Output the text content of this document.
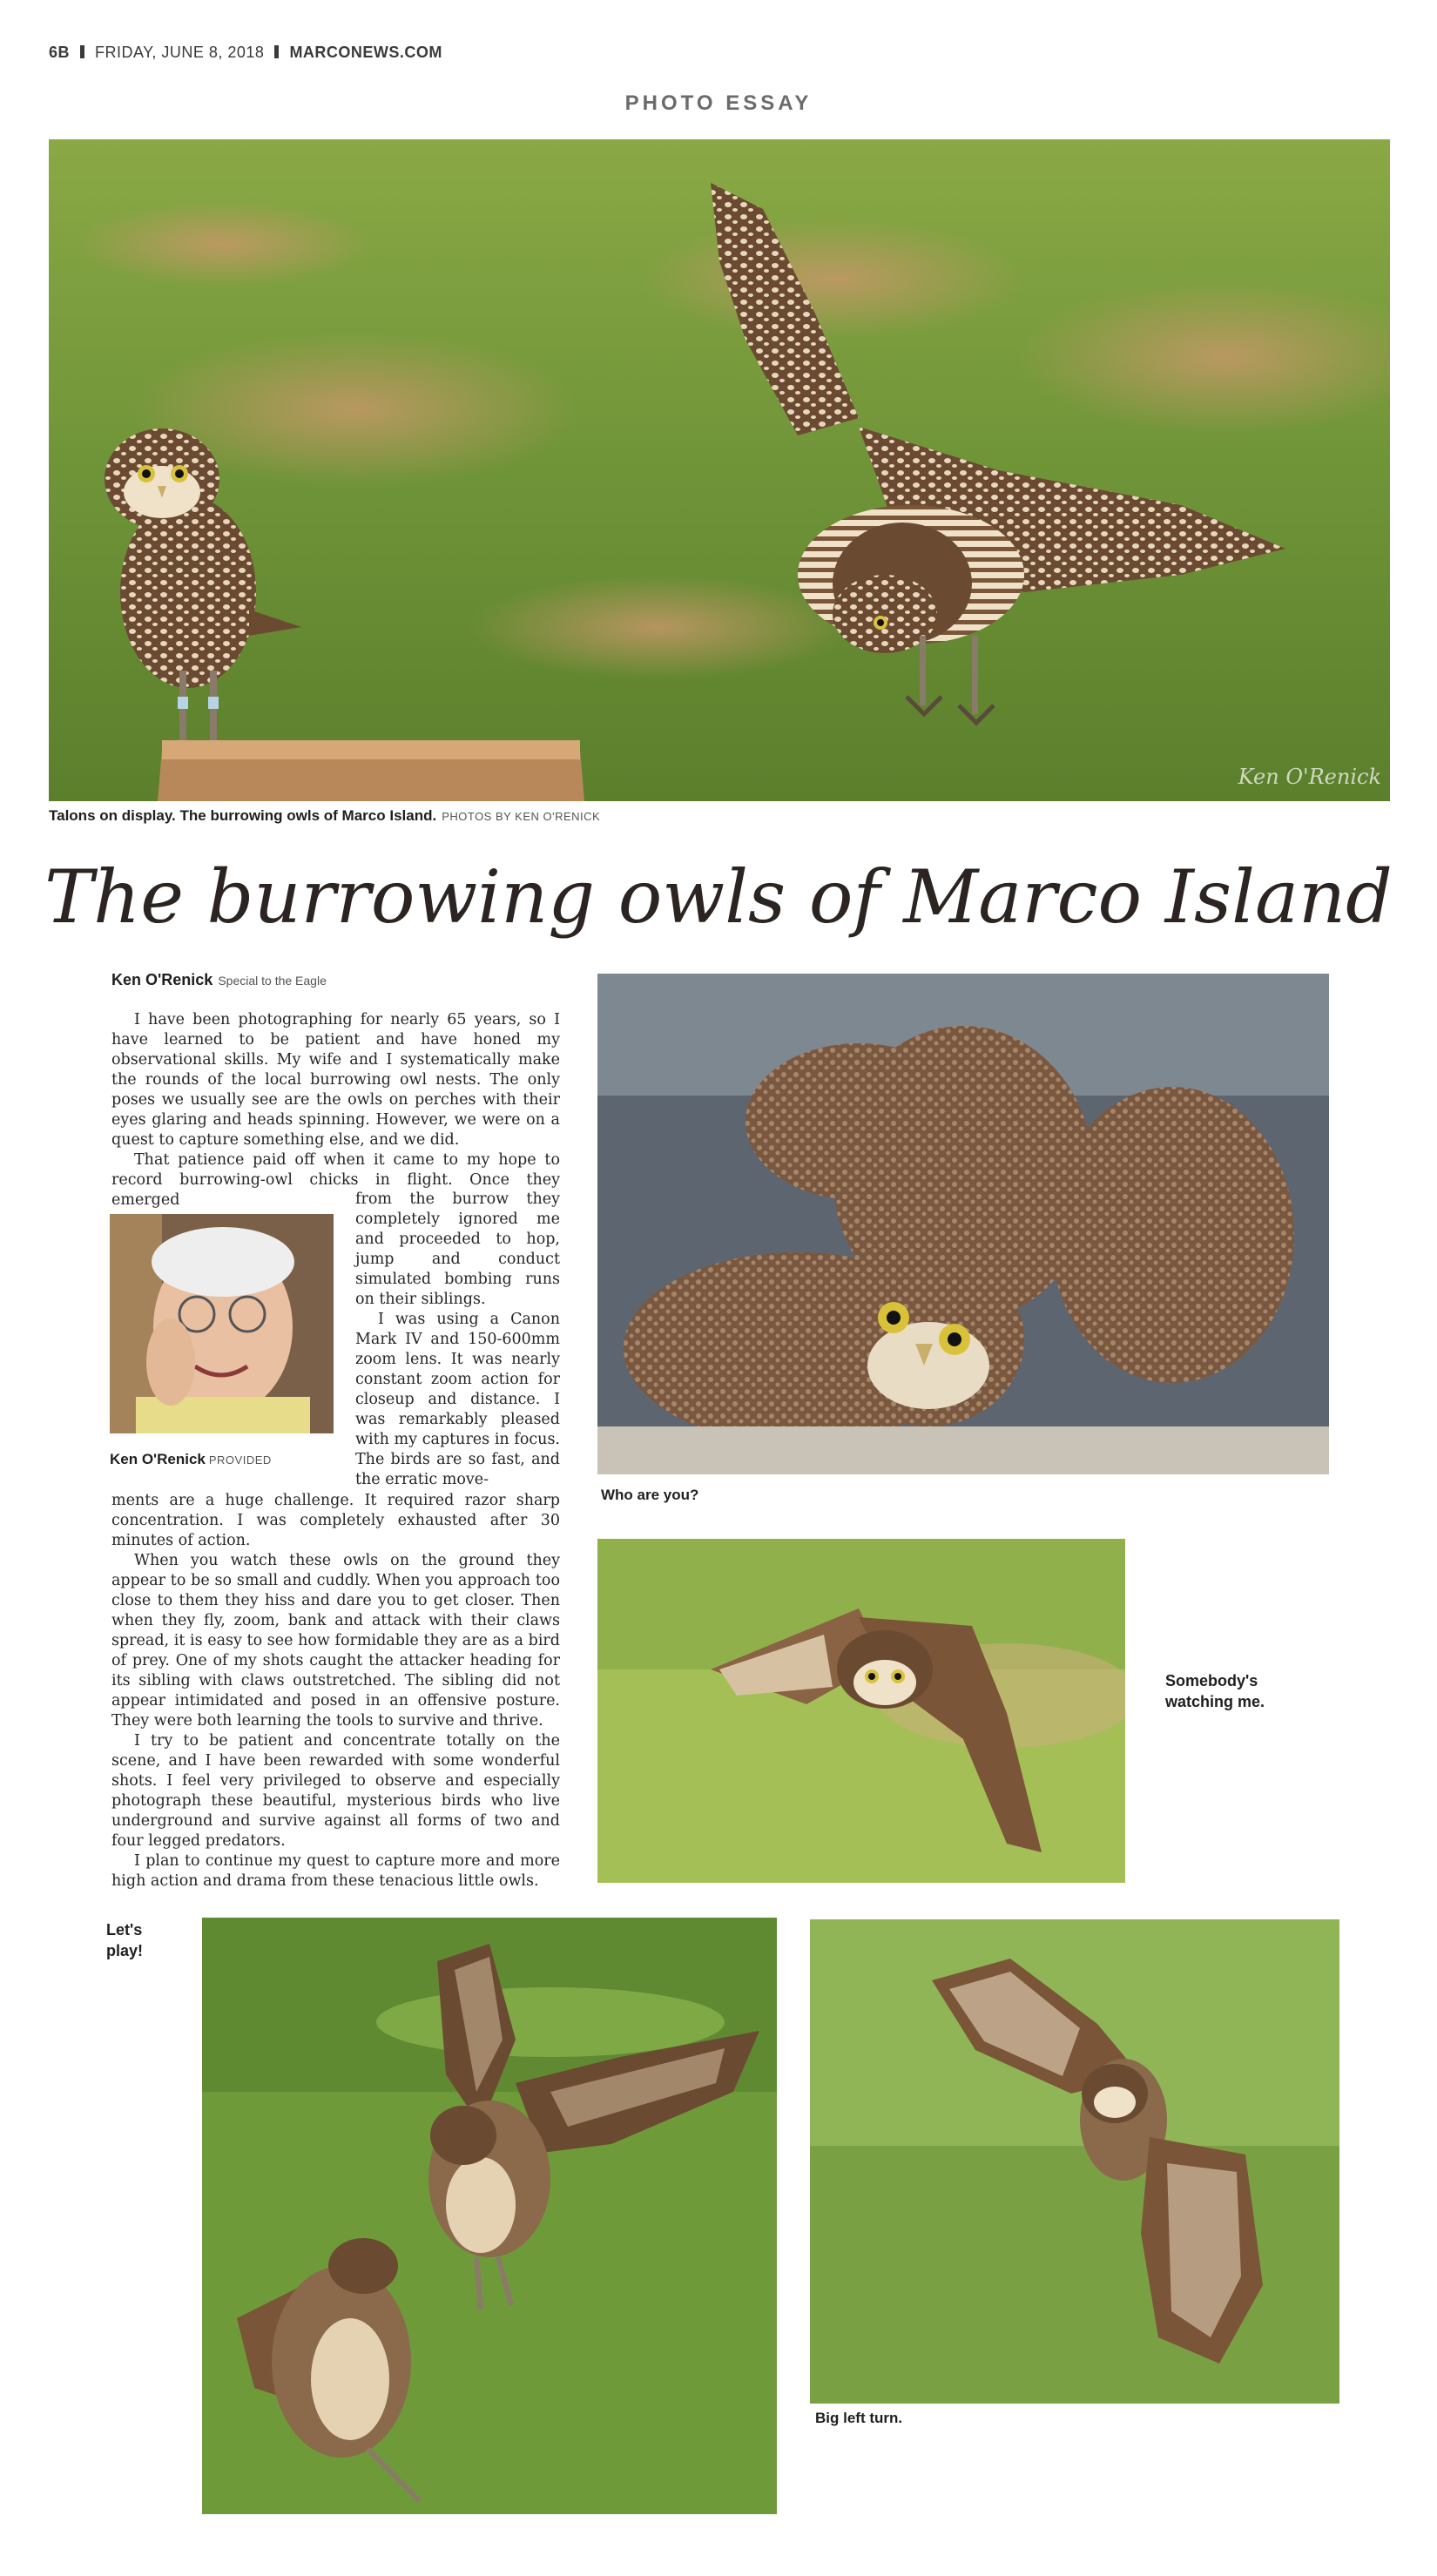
6B FRIDAY, JUNE 8, 2018 MARCONEWS.COM
PHOTO ESSAY
Ken O'Renick
Talons on display. The burrowing owls of Marco Island. PHOTOS BY KEN O'RENICK
The burrowing owls of Marco Island
Ken O'Renick Special to the Eagle

I have been photographing for nearly 65 years, so I have learned to be patient and have honed my observational skills. My wife and I systematically make the rounds of the local burrowing owl nests. The only poses we usually see are the owls on perches with their eyes glaring and heads spinning. However, we were on a quest to capture something else, and we did.

That patience paid off when it came to my hope to record burrowing-owl chicks in flight. Once they emerged

Ken O'Renick PROVIDED

from the burrow they completely ignored me and proceeded to hop, jump and conduct simulated bombing runs on their siblings.

I was using a Canon Mark IV and 150-600mm zoom lens. It was nearly constant zoom action for closeup and distance. I was remarkably pleased with my captures in focus. The birds are so fast, and the erratic move-

ments are a huge challenge. It required razor sharp concentration. I was completely exhausted after 30 minutes of action.

When you watch these owls on the ground they appear to be so small and cuddly. When you approach too close to them they hiss and dare you to get closer. Then when they fly, zoom, bank and attack with their claws spread, it is easy to see how formidable they are as a bird of prey. One of my shots caught the attacker heading for its sibling with claws outstretched. The sibling did not appear intimidated and posed in an offensive posture. They were both learning the tools to survive and thrive.

I try to be patient and concentrate totally on the scene, and I have been rewarded with some wonderful shots. I feel very privileged to observe and especially photograph these beautiful, mysterious birds who live underground and survive against all forms of two and four legged predators.

I plan to continue my quest to capture more and more high action and drama from these tenacious little owls.

Who are you?
Somebody's watching me.
Let's play!
Big left turn.
